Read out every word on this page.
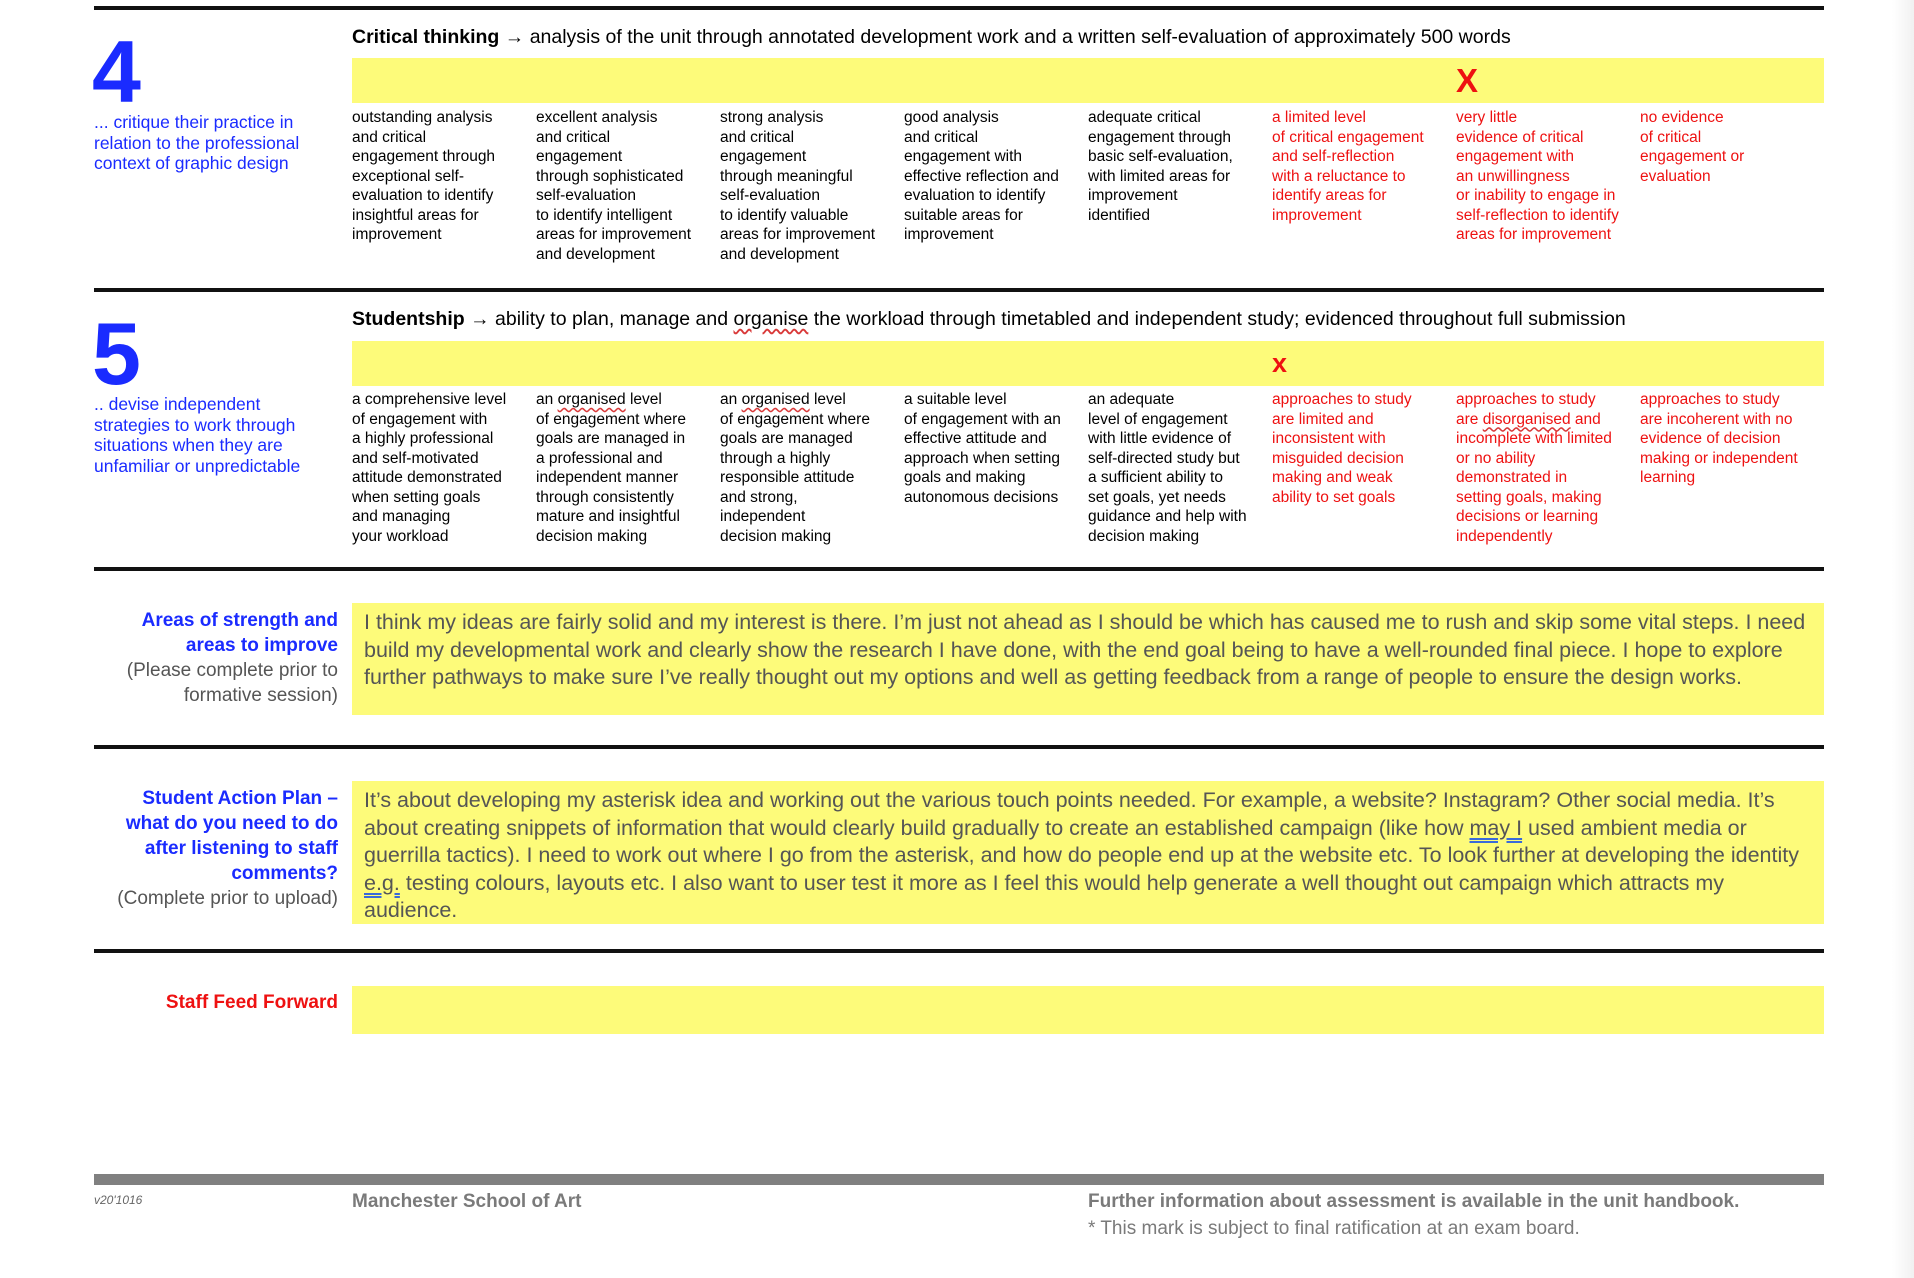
4
... critique their practice in relation to the professional context of graphic design
Critical thinking → analysis of the unit through annotated development work and a written self-evaluation of approximately 500 words
X
outstanding analysis
and critical
engagement through
exceptional self-
evaluation to identify
insightful areas for
improvement
excellent analysis
and critical
engagement
through sophisticated
self-evaluation
to identify intelligent
areas for improvement
and development
strong analysis
and critical
engagement
through meaningful
self-evaluation
to identify valuable
areas for improvement
and development
good analysis
and critical
engagement with
effective reflection and
evaluation to identify
suitable areas for
improvement
adequate critical
engagement through
basic self-evaluation,
with limited areas for
improvement
identified
a limited level
of critical engagement
and self-reflection
with a reluctance to
identify areas for
improvement
very little
evidence of critical
engagement with
an unwillingness
or inability to engage in
self-reflection to identify
areas for improvement
no evidence
of critical
engagement or
evaluation
5
.. devise independent strategies to work through situations when they are unfamiliar or unpredictable
Studentship → ability to plan, manage and organise the workload through timetabled and independent study; evidenced throughout full submission
x
a comprehensive level
of engagement with
a highly professional
and self-motivated
attitude demonstrated
when setting goals
and managing
your workload
an organised level
of engagement where
goals are managed in
a professional and
independent manner
through consistently
mature and insightful
decision making
an organised level
of engagement where
goals are managed
through a highly
responsible attitude
and strong,
independent
decision making
a suitable level
of engagement with an
effective attitude and
approach when setting
goals and making
autonomous decisions
an adequate
level of engagement
with little evidence of
self-directed study but
a sufficient ability to
set goals, yet needs
guidance and help with
decision making
approaches to study
are limited and
inconsistent with
misguided decision
making and weak
ability to set goals
approaches to study
are disorganised and
incomplete with limited
or no ability
demonstrated in
setting goals, making
decisions or learning
independently
approaches to study
are incoherent with no
evidence of decision
making or independent
learning
Areas of strength and areas to improve
(Please complete prior to formative session)
I think my ideas are fairly solid and my interest is there. I’m just not ahead as I should be which has caused me to rush and skip some vital steps. I need build my developmental work and clearly show the research I have done, with the end goal being to have a well-rounded final piece. I hope to explore further pathways to make sure I’ve really thought out my options and well as getting feedback from a range of people to ensure the design works.
Student Action Plan – what do you need to do after listening to staff comments?
(Complete prior to upload)
It’s about developing my asterisk idea and working out the various touch points needed. For example, a website? Instagram? Other social media. It’s about creating snippets of information that would clearly build gradually to create an established campaign (like how may I used ambient media or guerrilla tactics). I need to work out where I go from the asterisk, and how do people end up at the website etc. To look further at developing the identity e.g. testing colours, layouts etc. I also want to user test it more as I feel this would help generate a well thought out campaign which attracts my audience.
Staff Feed Forward
v20'1016	Manchester School of Art	Further information about assessment is available in the unit handbook.
* This mark is subject to final ratification at an exam board.
